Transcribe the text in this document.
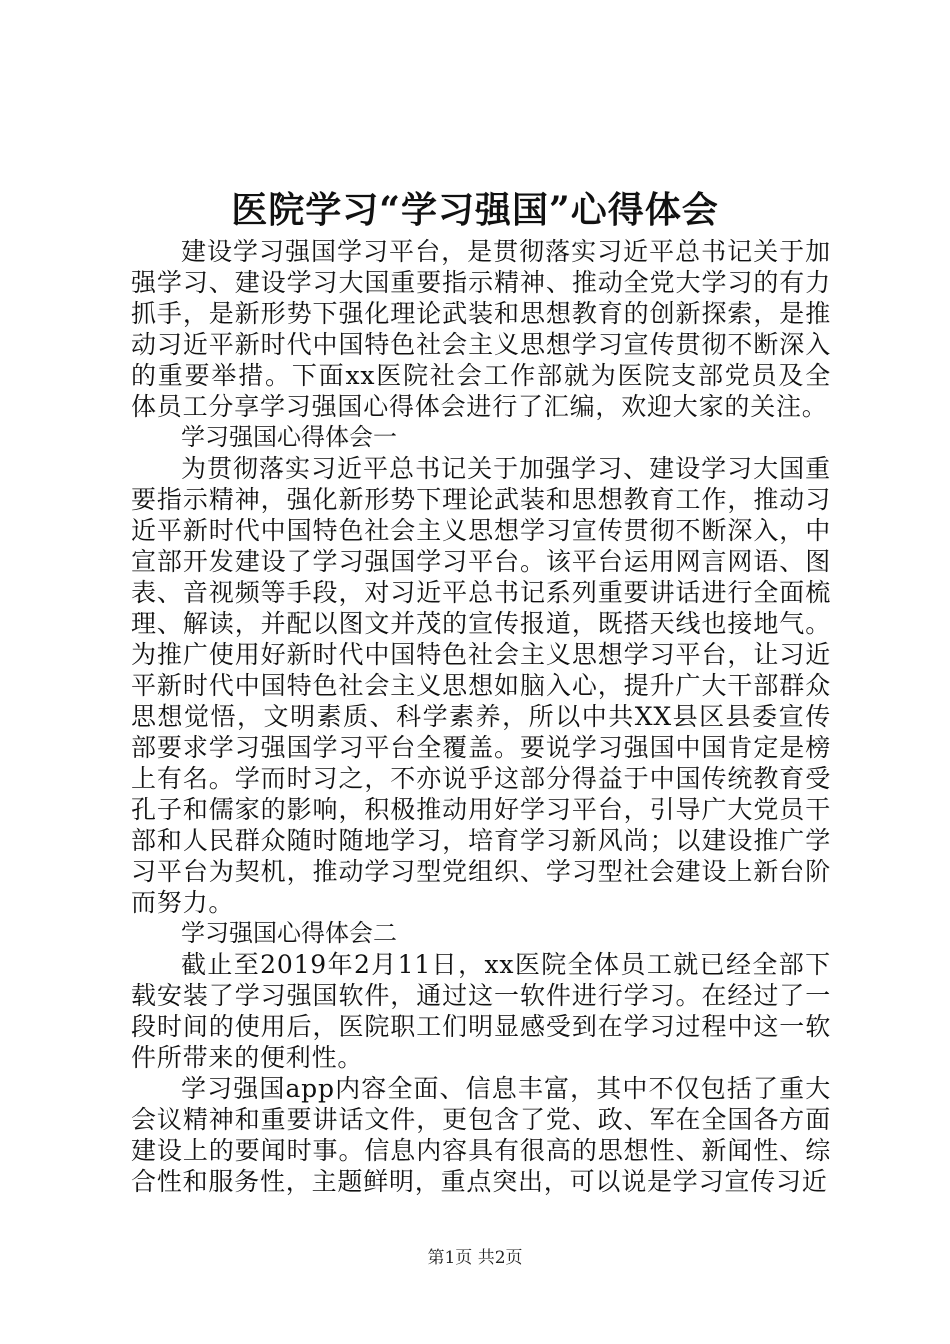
医院学习“学习强国”心得体会

建设学习强国学习平台，是贯彻落实习近平总书记关于加强学习、建设学习大国重要指示精神、推动全党大学习的有力抓手，是新形势下强化理论武装和思想教育的创新探索，是推动习近平新时代中国特色社会主义思想学习宣传贯彻不断深入的重要举措。下面xx医院社会工作部就为医院支部党员及全体员工分享学习强国心得体会进行了汇编，欢迎大家的关注。

学习强国心得体会一

为贯彻落实习近平总书记关于加强学习、建设学习大国重要指示精神，强化新形势下理论武装和思想教育工作，推动习近平新时代中国特色社会主义思想学习宣传贯彻不断深入，中宣部开发建设了学习强国学习平台。该平台运用网言网语、图表、音视频等手段，对习近平总书记系列重要讲话进行全面梳理、解读，并配以图文并茂的宣传报道，既搭天线也接地气。为推广使用好新时代中国特色社会主义思想学习平台，让习近平新时代中国特色社会主义思想如脑入心，提升广大干部群众思想觉悟，文明素质、科学素养，所以中共XX县区县委宣传部要求学习强国学习平台全覆盖。要说学习强国中国肯定是榜上有名。学而时习之，不亦说乎这部分得益于中国传统教育受孔子和儒家的影响，积极推动用好学习平台，引导广大党员干部和人民群众随时随地学习，培育学习新风尚；以建设推广学习平台为契机，推动学习型党组织、学习型社会建设上新台阶而努力。

学习强国心得体会二

截止至2019年2月11日，xx医院全体员工就已经全部下载安装了学习强国软件，通过这一软件进行学习。在经过了一段时间的使用后，医院职工们明显感受到在学习过程中这一软件所带来的便利性。

学习强国app内容全面、信息丰富，其中不仅包括了重大会议精神和重要讲话文件，更包含了党、政、军在全国各方面建设上的要闻时事。信息内容具有很高的思想性、新闻性、综合性和服务性，主题鲜明，重点突出，可以说是学习宣传习近

第1页 共2页
